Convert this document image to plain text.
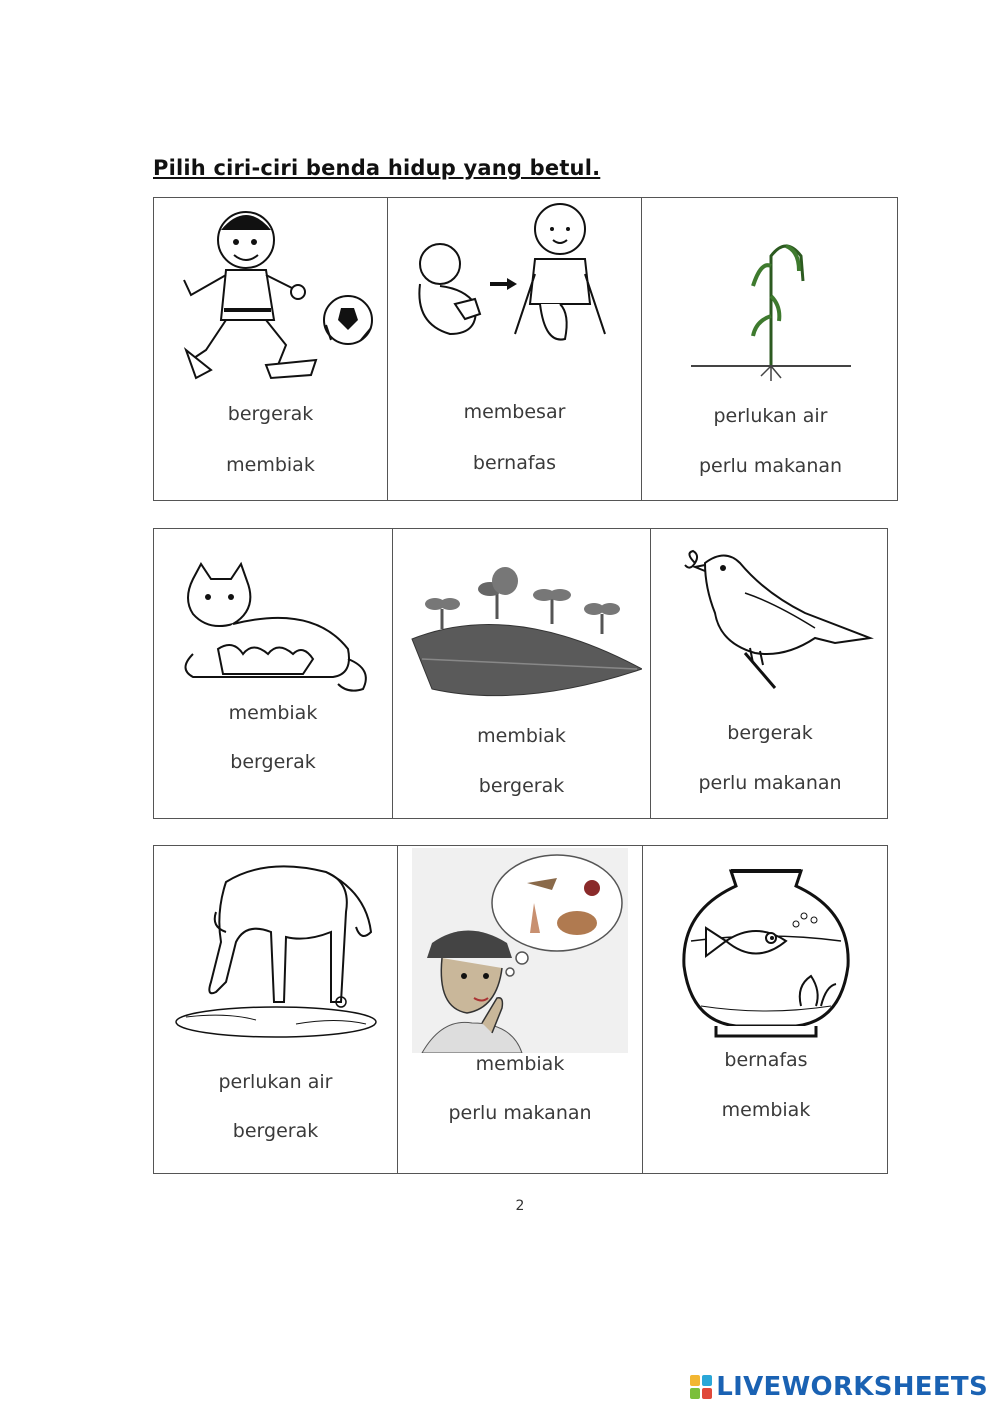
Pilih ciri-ciri benda hidup yang betul.
bergerak
membiak
membesar
bernafas
perlukan air
perlu makanan
membiak
bergerak
membiak
bergerak
bergerak
perlu makanan
perlukan air
bergerak
membiak
perlu makanan
bernafas
membiak
2
LIVEWORKSHEETS
